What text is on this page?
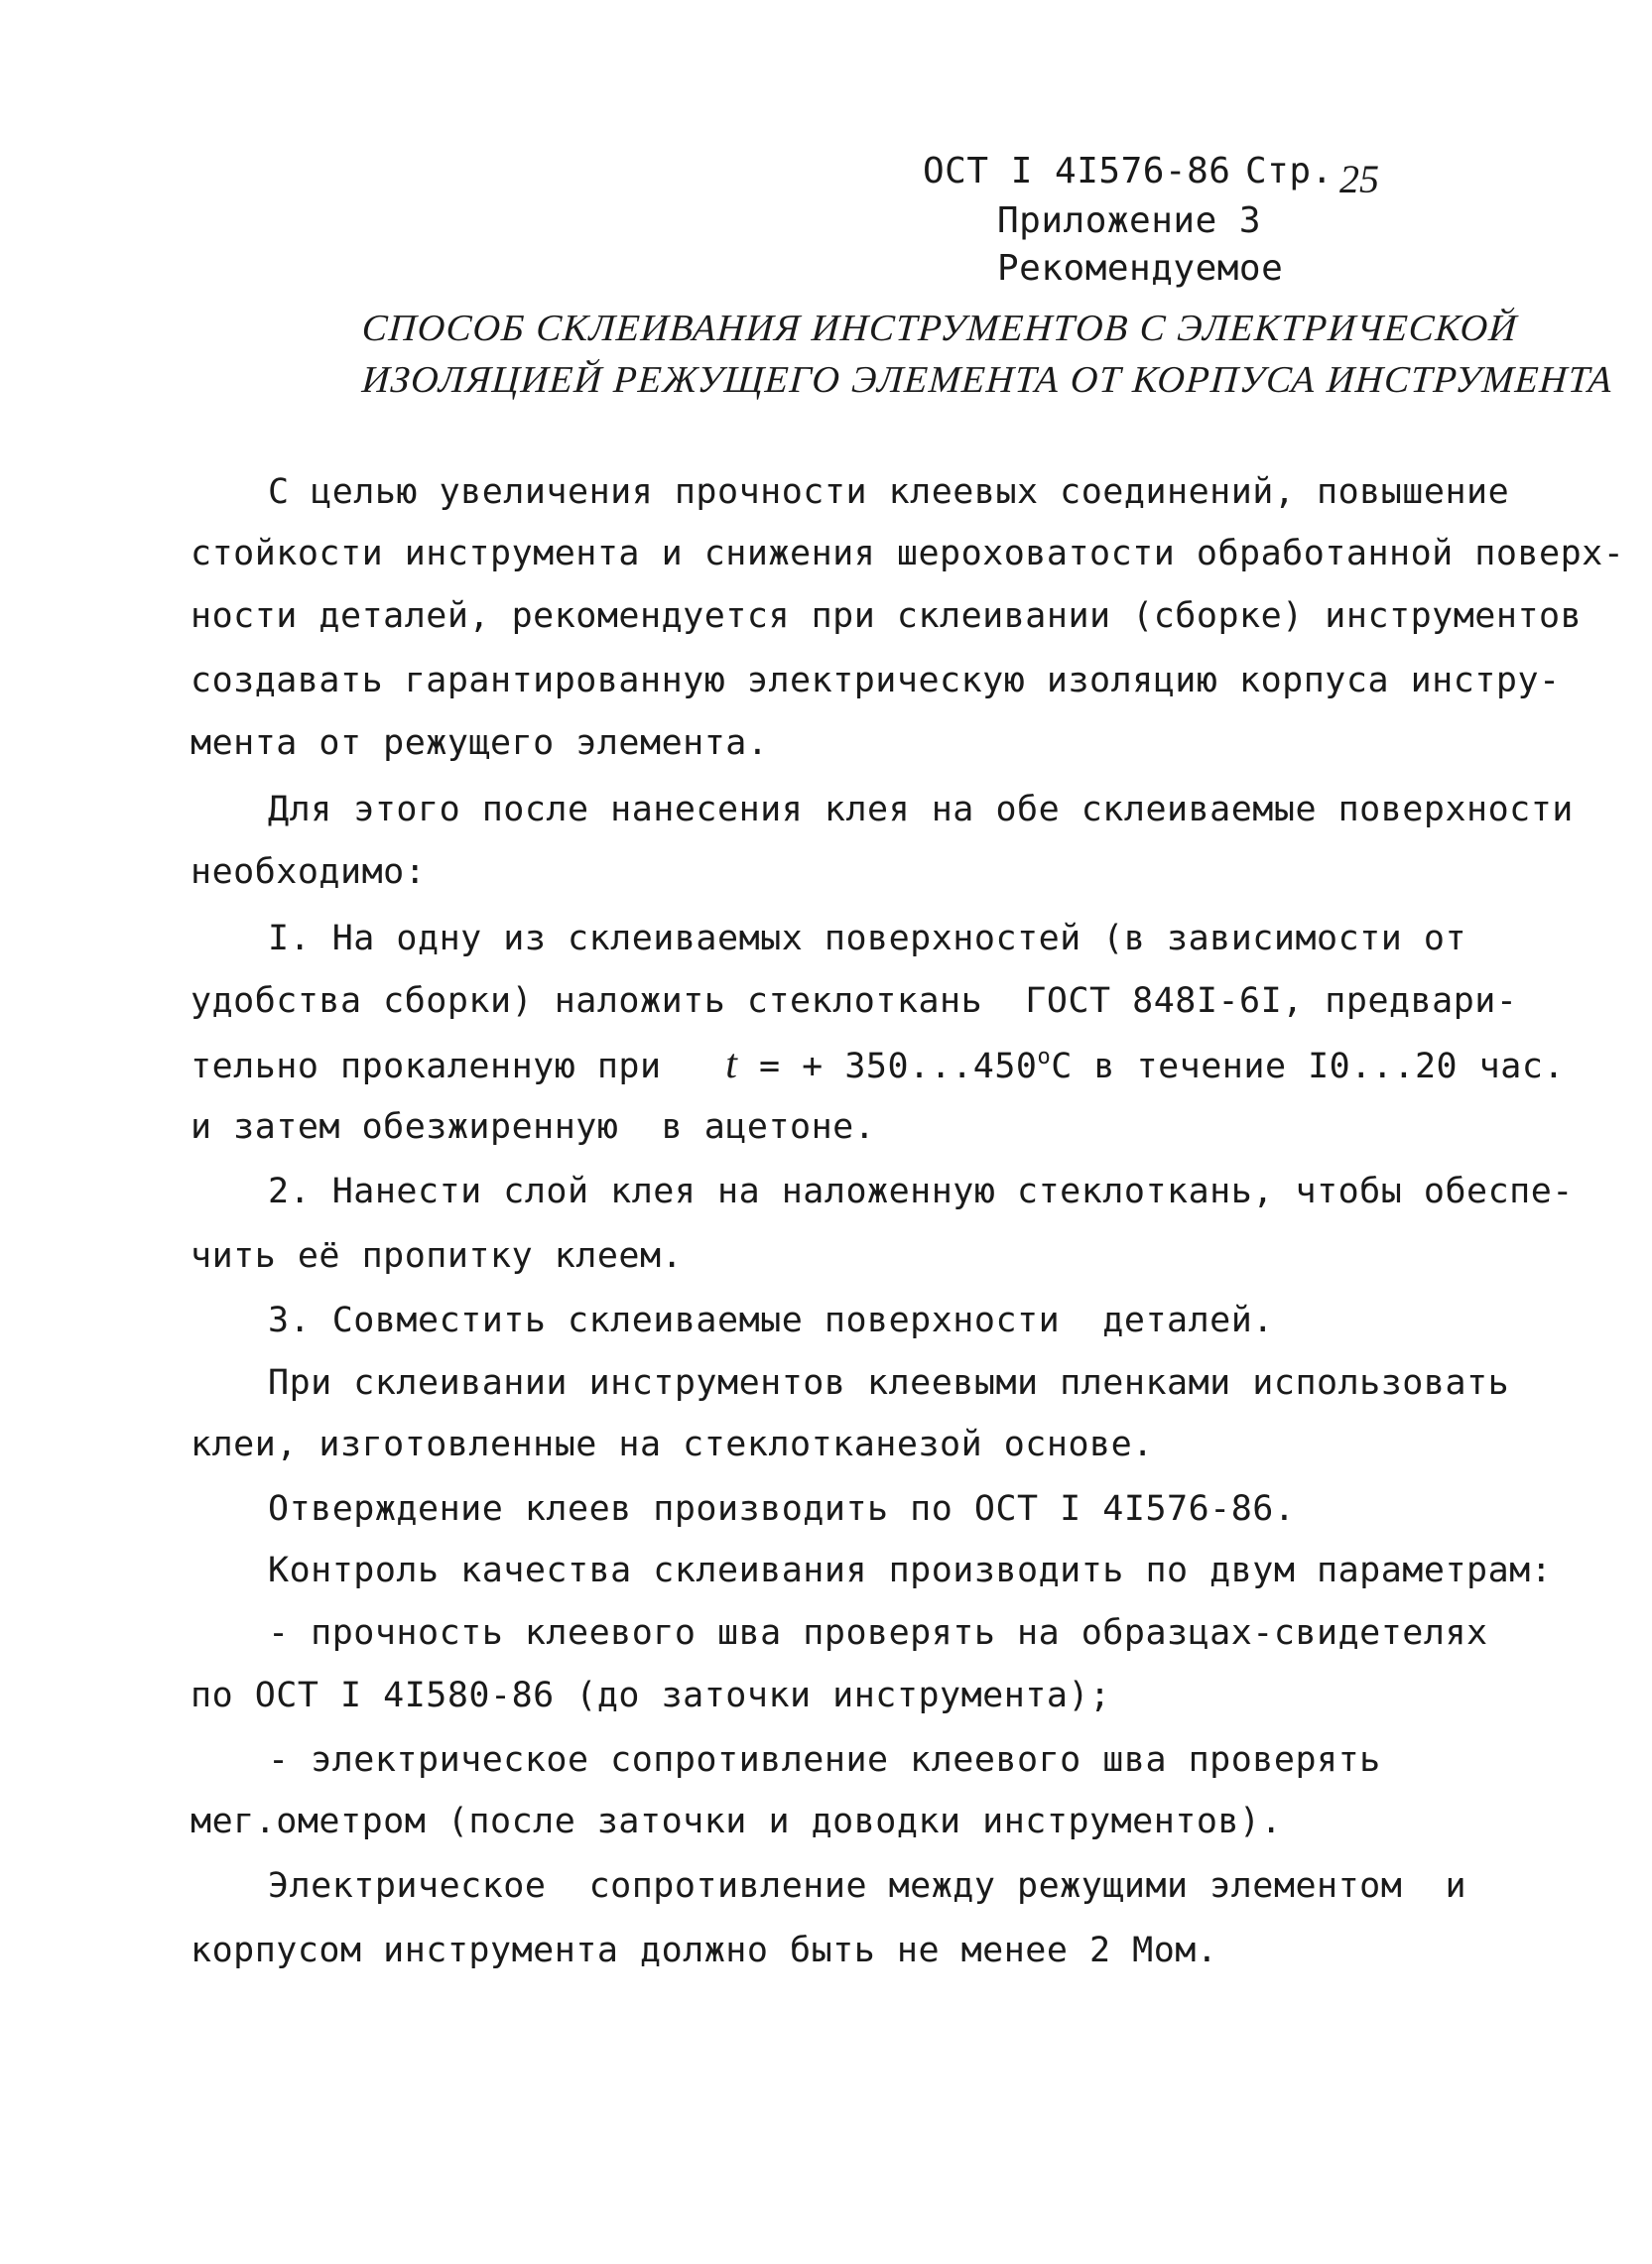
ОСТ I 4I576-86 Стр. 25
Приложение 3
Рекомендуемое
СПОСОБ СКЛЕИВАНИЯ ИНСТРУМЕНТОВ С ЭЛЕКТРИЧЕСКОЙ
ИЗОЛЯЦИЕЙ РЕЖУЩЕГО ЭЛЕМЕНТА ОТ КОРПУСА ИНСТРУМЕНТА
С целью увеличения прочности клеевых соединений, повышение
стойкости инструмента и снижения шероховатости обработанной поверх-
ности деталей, рекомендуется при склеивании (сборке) инструментов
создавать гарантированную электрическую изоляцию корпуса инстру-
мента от режущего элемента.
Для этого после нанесения клея на обе склеиваемые поверхности
необходимо:
I. На одну из склеиваемых поверхностей (в зависимости от
удобства сборки) наложить стеклоткань  ГОСТ 848I-6I, предвари-
тельно прокаленную при   t = + $350...450^оС$ в течение I0...20 час.
и затем обезжиренную  в ацетоне.
2. Нанести слой клея на наложенную стеклоткань, чтобы обеспе-
чить её пропитку клеем.
3. Совместить склеиваемые поверхности  деталей.
При склеивании инструментов клеевыми пленками использовать
клеи, изготовленные на стеклотканезой основе.
Отверждение клеев производить по ОСТ I 4I576-86.
Контроль качества склеивания производить по двум параметрам:
- прочность клеевого шва проверять на образцах-свидетелях
по ОСТ I 4I580-86 (до заточки инструмента);
- электрическое сопротивление клеевого шва проверять
мег.ометром (после заточки и доводки инструментов).
Электрическое  сопротивление между режущими элементом  и
корпусом инструмента должно быть не менее 2 Мом.
